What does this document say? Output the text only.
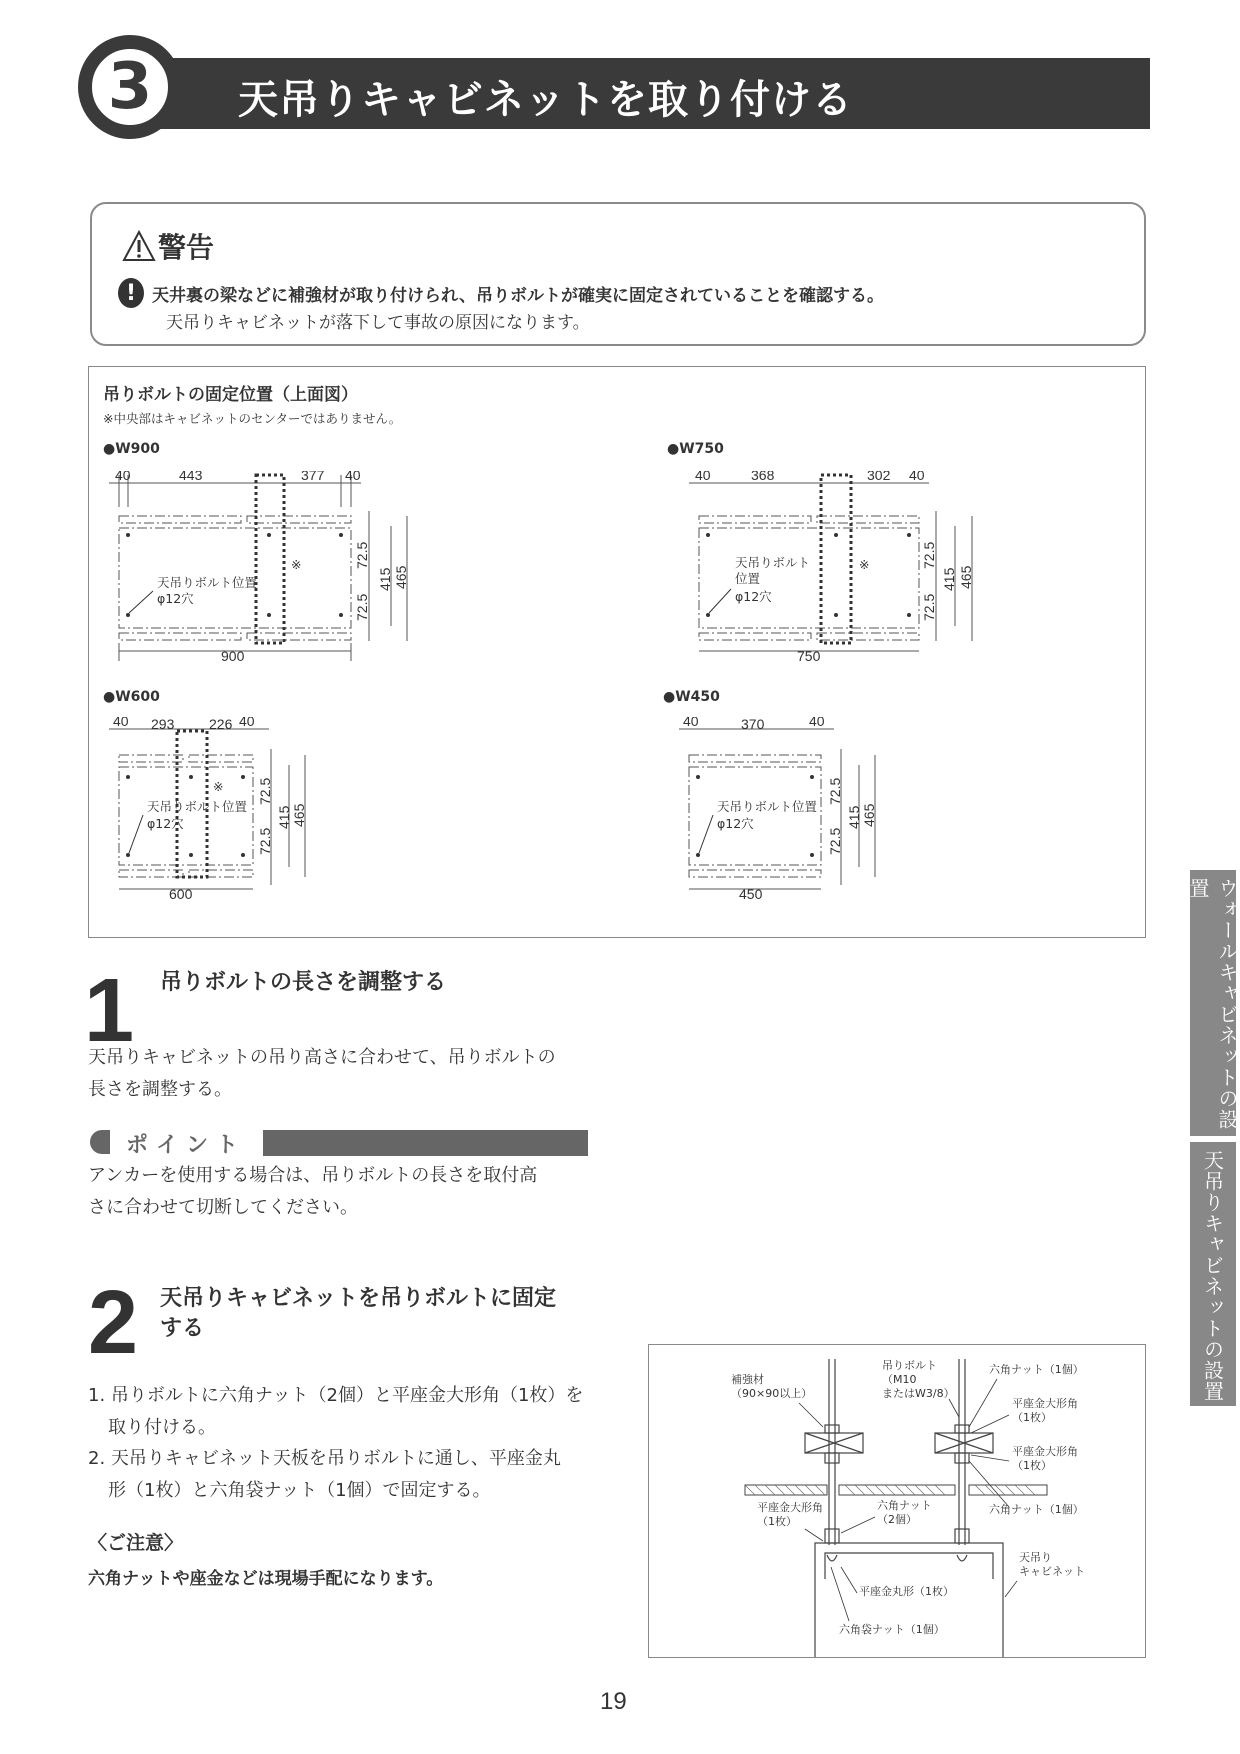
3 天吊りキャビネットを取り付ける
警告
! 天井裏の梁などに補強材が取り付けられ、吊りボルトが確実に固定されていることを確認する。
天吊りキャビネットが落下して事故の原因になります。
吊りボルトの固定位置（上面図）
※中央部はキャビネットのセンターではありません。
●W900	●W750
●W600	●W450
40	443	377 40
900
72.5
72.5
415 465
※
天吊りボルト位置
φ12穴
40	368	302 40
750
72.5
72.5
415 465
※
天吊りボルト
位置
φ12穴
40 293 226 40
600
72.5
72.5
415 465
※
天吊りボルト位置
φ12穴
40	370	40
450
72.5
72.5
415 465
天吊りボルト位置
φ12穴
1 吊りボルトの長さを調整する
天吊りキャビネットの吊り高さに合わせて、吊りボルトの
長さを調整する。
ポイント
アンカーを使用する場合は、吊りボルトの長さを取付高
さに合わせて切断してください。
2 天吊りキャビネットを吊りボルトに固定
する
1. 吊りボルトに六角ナット（2個）と平座金大形角（1枚）を
取り付ける。
2. 天吊りキャビネット天板を吊りボルトに通し、平座金丸
形（1枚）と六角袋ナット（1個）で固定する。
〈ご注意〉
六角ナットや座金などは現場手配になります。
補強材
（90×90以上）
吊りボルト
（M10
またはW3/8）
六角ナット（1個）
平座金大形角
（1枚）
平座金大形角
（1枚）
六角ナット（1個）
平座金大形角
（1枚）
六角ナット
（2個）
天吊り
キャビネット
平座金丸形（1枚）
六角袋ナット（1個）
ウォールキャビネットの設置
天吊りキャビネットの設置
19
